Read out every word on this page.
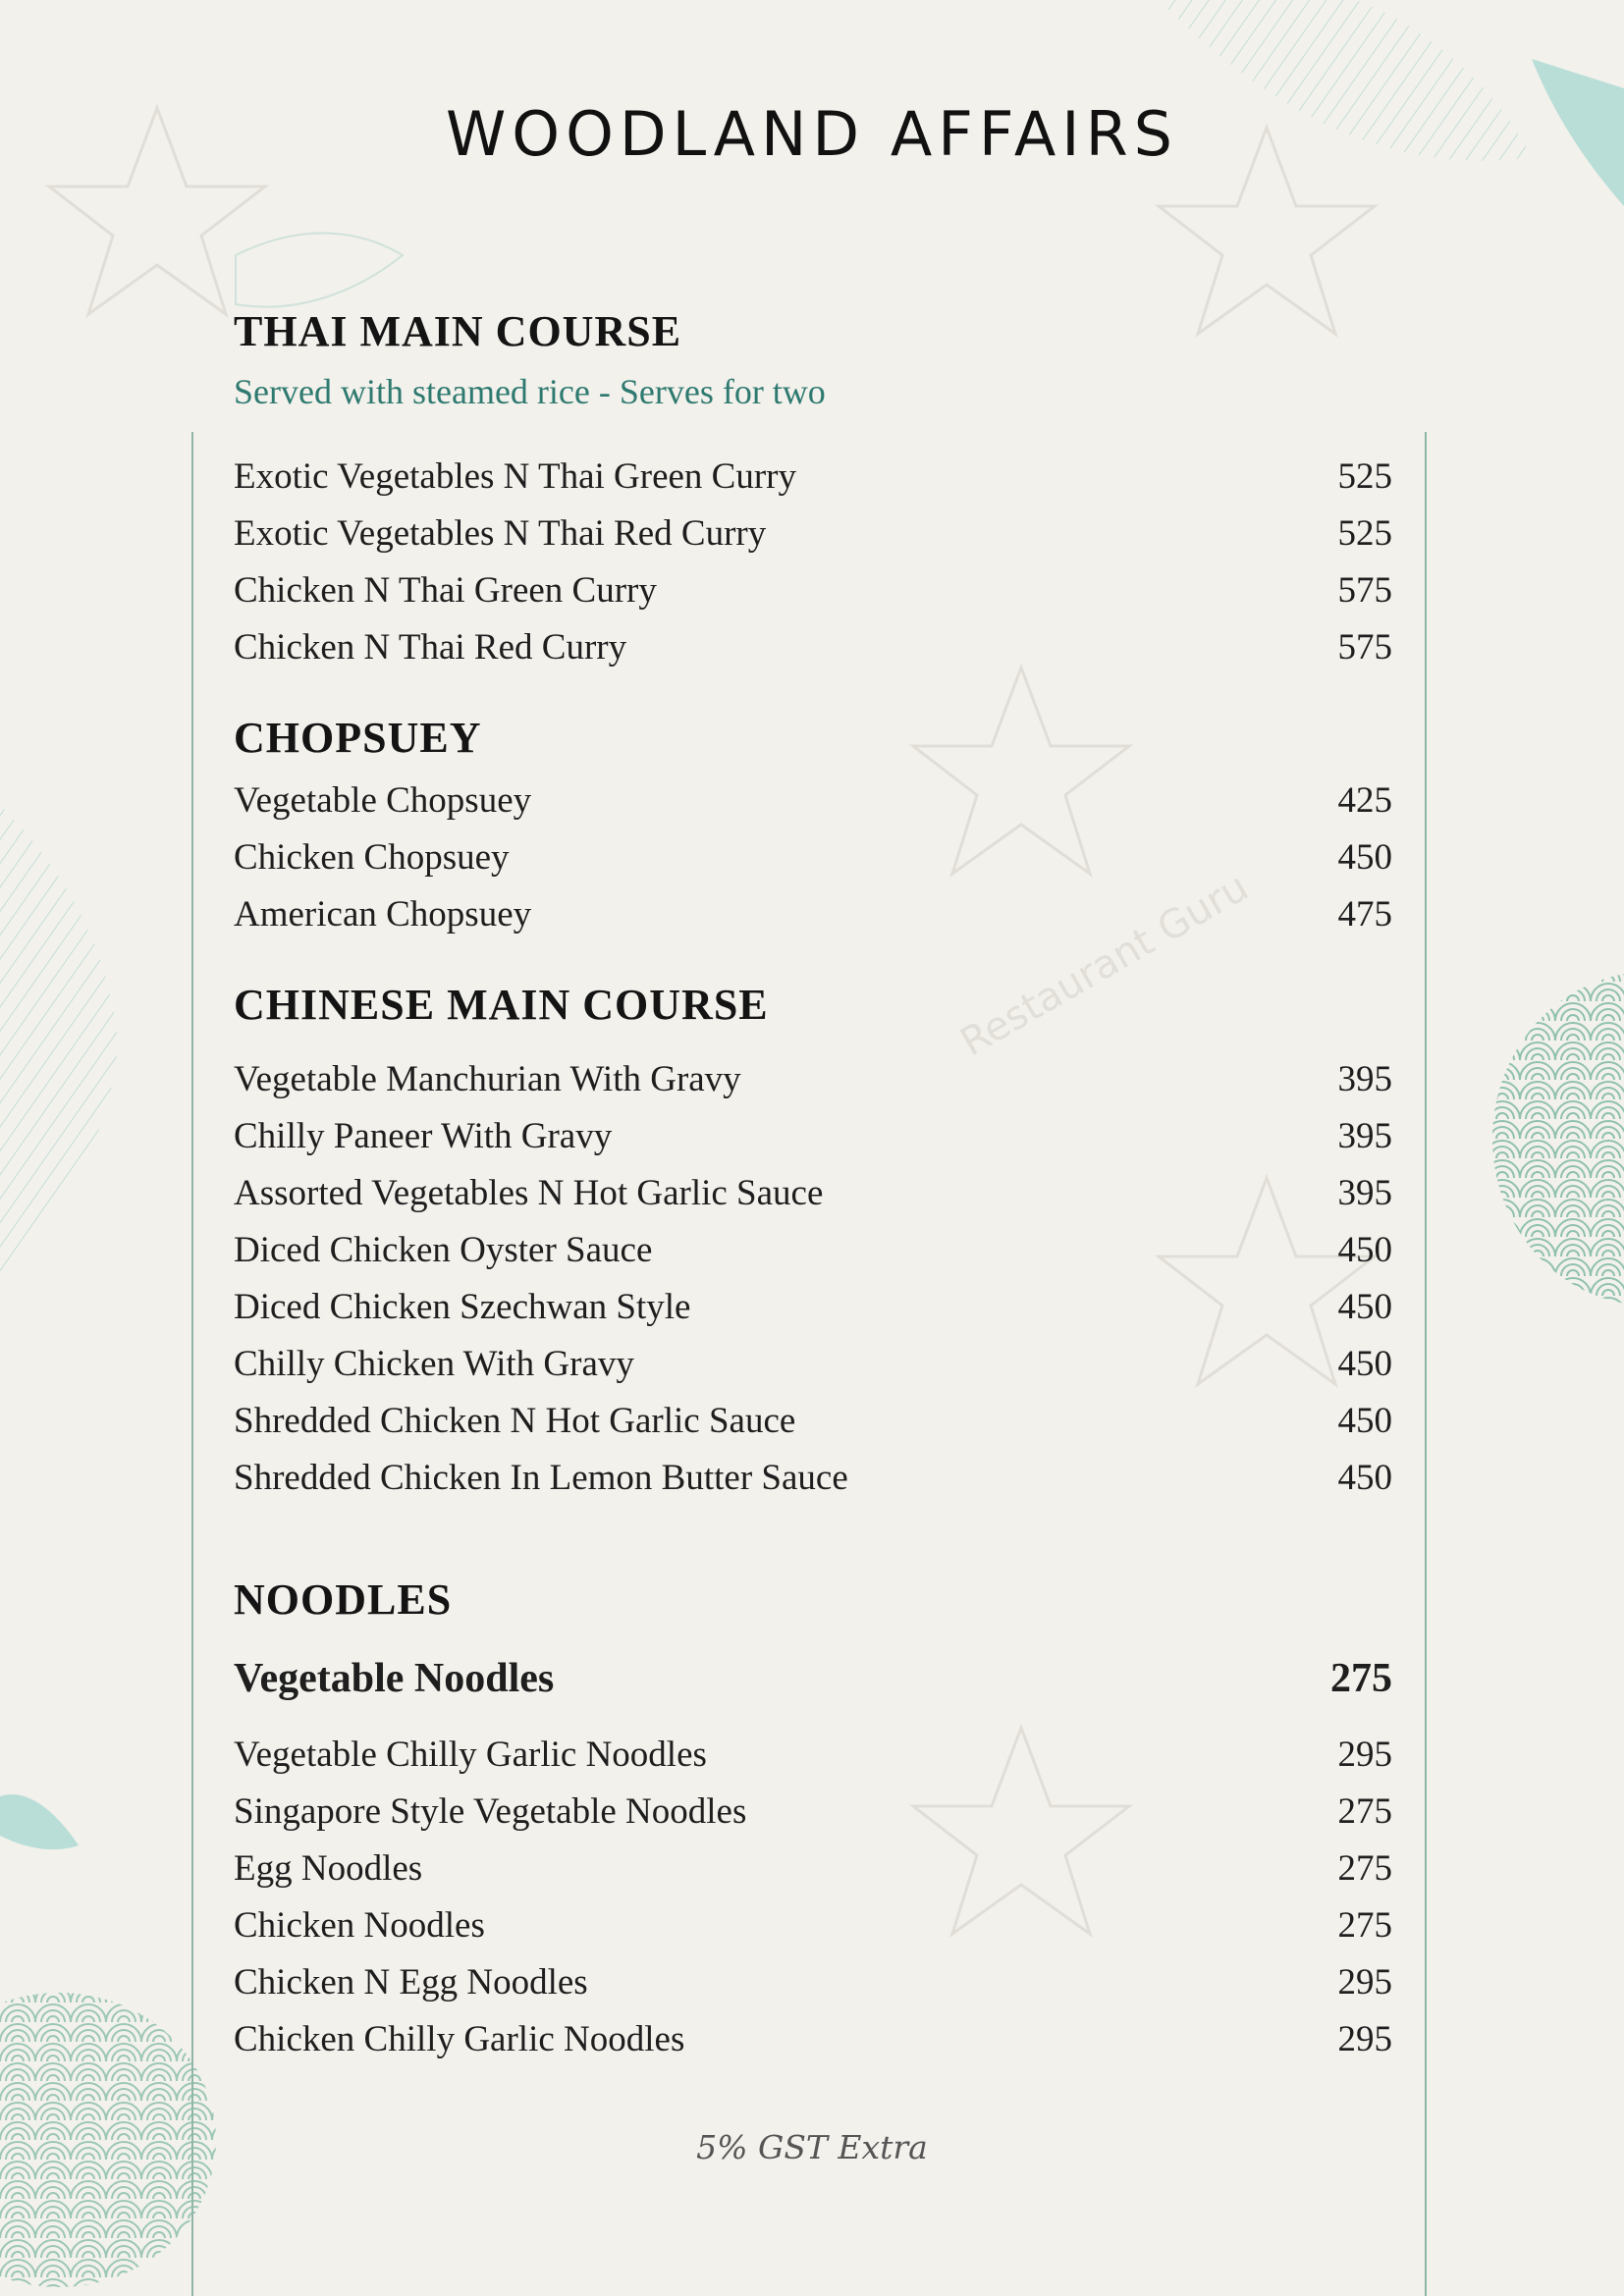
WOODLAND AFFAIRS
THAI MAIN COURSE

Served with steamed rice - Serves for two

Exotic Vegetables N Thai Green Curry	525
Exotic Vegetables N Thai Red Curry	525
Chicken N Thai Green Curry	575
Chicken N Thai Red Curry	575
CHOPSUEY
Vegetable Chopsuey	425
Chicken Chopsuey	450
American Chopsuey	475
CHINESE MAIN COURSE
Vegetable Manchurian With Gravy	395
Chilly Paneer With Gravy	395
Assorted Vegetables N Hot Garlic Sauce	395
Diced Chicken Oyster Sauce	450
Diced Chicken Szechwan Style	450
Chilly Chicken With Gravy	450
Shredded Chicken N Hot Garlic Sauce	450
Shredded Chicken In Lemon Butter Sauce	450
NOODLES
Vegetable Noodles	275
Vegetable Chilly Garlic Noodles	295
Singapore Style Vegetable Noodles	275
Egg Noodles	275
Chicken Noodles	275
Chicken N Egg Noodles	295
Chicken Chilly Garlic Noodles	295
5% GST Extra
Restaurant Guru
